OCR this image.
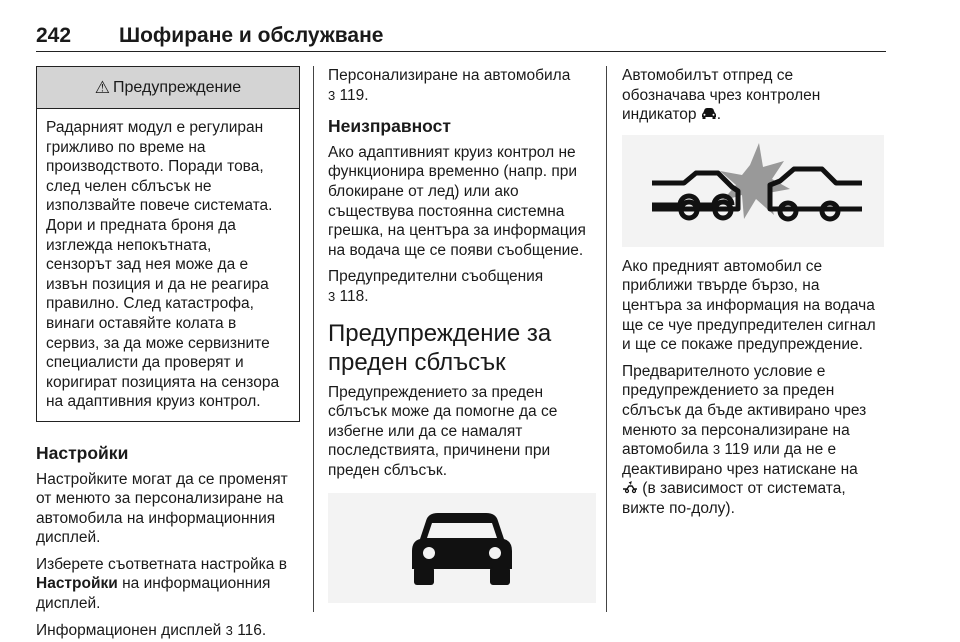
242 Шофиране и обслужване
⚠ Предупреждение
Радарният модул е регулиран
грижливо по време на
производството. Поради това,
след челен сблъсък не
използвайте повече системата.
Дори и предната броня да
изглежда непокътната,
сензорът зад нея може да е
извън позиция и да не реагира
правилно. След катастрофа,
винаги оставяйте колата в
сервиз, за да може сервизните
специалисти да проверят и
коригират позицията на сензора
на адаптивния круиз контрол.
Настройки
Настройките могат да се променят
от менюто за персонализиране на
автомобила на информационния
дисплей.
Изберете съответната настройка в
Настройки на информационния
дисплей.
Информационен дисплей 3 116.
Персонализиране на автомобила
3 119.
Неизправност
Ако адаптивният круиз контрол не
функционира временно (напр. при
блокиране от лед) или ако
съществува постоянна системна
грешка, на центъра за информация
на водача ще се появи съобщение.
Предупредителни съобщения
3 118.
Предупреждение за
преден сблъсък
Предупреждението за преден
сблъсък може да помогне да се
избегне или да се намалят
последствията, причинени при
преден сблъсък.
Автомобилът отпред се
обозначава чрез контролен
индикатор .
Ако предният автомобил се
приближи твърде бързо, на
центъра за информация на водача
ще се чуе предупредителен сигнал
и ще се покаже предупреждение.
Предварителното условие е
предупреждението за преден
сблъсък да бъде активирано чрез
менюто за персонализиране на
автомобила 3 119 или да не е
деактивирано чрез натискане на
(в зависимост от системата,
вижте по-долу).
